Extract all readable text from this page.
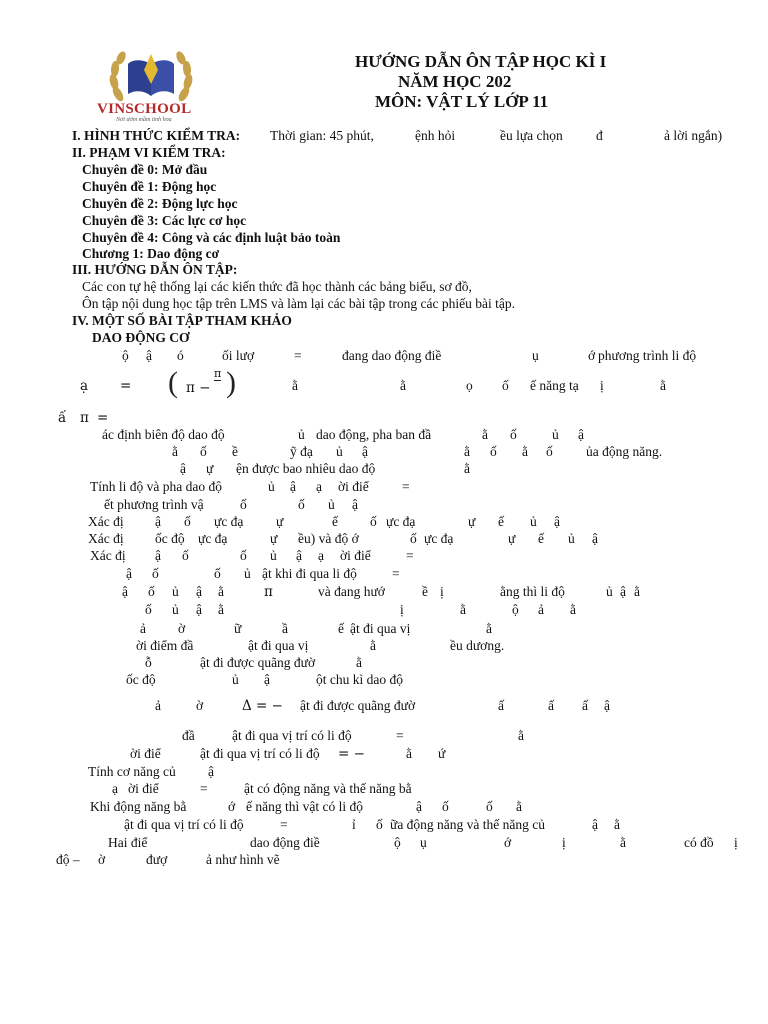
VINSCHOOL
Nơi ươm mầm tinh hoa
HƯỚNG DẪN ÔN TẬP HỌC KÌ I
NĂM HỌC 202
MÔN: VẬT LÝ LỚP 11
I. HÌNH THỨC KIỂM TRA: Thời gian: 45 phút,	ệnh hỏi	ều lựa chọn đ	ả lời ngắn)
II. PHẠM VI KIỂM TRA:
Chuyên đề 0: Mở đầu
Chuyên đề 1: Động học
Chuyên đề 2: Động lực học
Chuyên đề 3: Các lực cơ học
Chuyên đề 4: Công và các định luật bảo toàn
Chương 1: Dao động cơ
III. HƯỚNG DẪN ÔN TẬP:
Các con tự hệ thống lại các kiến thức đã học thành các bảng biểu, sơ đồ,
Ôn tập nội dung học tập trên LMS và làm lại các bài tập trong các phiếu bài tập.
IV. MỘT SỐ BÀI TẬP THAM KHẢO
DAO ĐỘNG CƠ
ộ ậ ó	ối lượ	=	đang dao động điề	ụ	ớ phương trình li độ
ạ = ( π −
π )	ằ	ằ	ọ ố ế năng tạ ị	ằ
ấ π =
ác định biên độ dao độ	ủ dao động, pha ban đầ	ằ ố	ủ ậ
ằ ố ề	ỹ đạ ủ ậ	ằ ố ằ ố ủa động năng.
ậ ự ện được bao nhiêu dao độ	ằ
Tính li độ và pha dao độ	ủ ậ ạ ời điể =
ết phương trình vậ	ố	ố ủ ậ
Xác đị ậ ố ực đạ ự	ế ố ực đạ	ự ế ủ ậ
Xác đị ốc độ ực đạ	ự ều) và độ ớ	ố ực đạ	ự ế ủ ậ
Xác đị ậ ố	ố ủ ậ ạ ời điể	=
ậ ố	ố ủ ật khi đi qua li độ	=
ậ ố ủ ậ ằ	π	và đang hướ	ề ị	ằng thì li độ	ủ ậ ằ
ố ủ ậ ằ	ị	ằ	ộ ả ằ
ả ờ	ữ	ầ	ế ật đi qua vị	ằ
ời điểm đầ	ật đi qua vị	ằ	ều dương.
ỗ	ật đi được quãng đườ	ằ
ốc độ	ủ ậ	ột chu kì dao độ
ả	ờ	Δ = − ật đi được quãng đườ	ấ	ấ ấ ậ
đầ	ật đi qua vị trí có li độ	=	ằ
ời điể	ật đi qua vị trí có li độ = −	ằ ứ
Tính cơ năng củ ậ
ạ ời điể	=	ật có động năng và thế năng bằ
Khi động năng bằ	ớ ế năng thì vật có li độ	ậ ố	ố ằ
ật đi qua vị trí có li độ	=	ỉ ố ữa động năng và thế năng củ	ậ ằ
Hai điể	dao động điề	ộ ụ	ớ	ị	ằ	có đồ ị
độ – ờ	đượ	ả như hình vẽ
